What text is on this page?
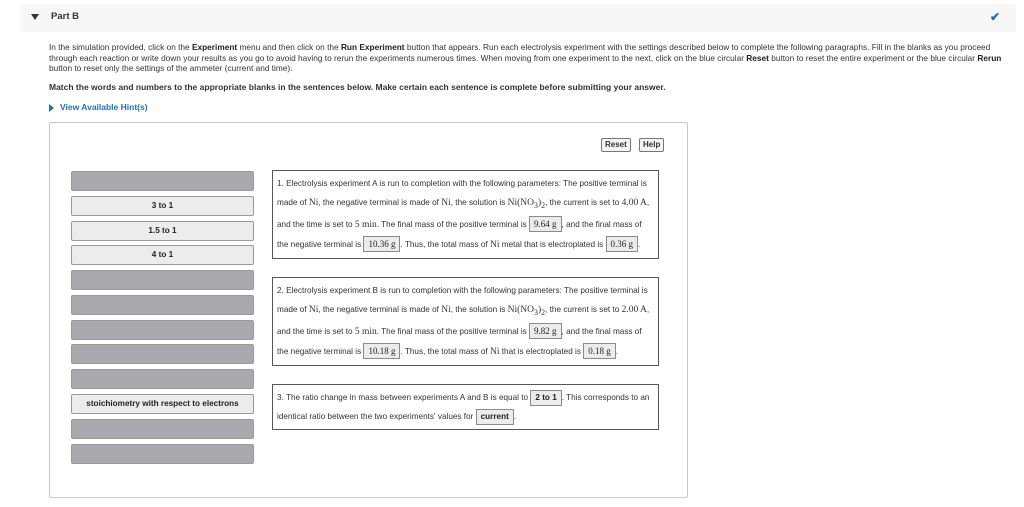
Part B	✔
In the simulation provided, click on the Experiment menu and then click on the Run Experiment button that appears. Run each electrolysis experiment with the settings described below to complete the following paragraphs. Fill in the blanks as you proceed through each reaction or write down your results as you go to avoid having to rerun the experiments numerous times. When moving from one experiment to the next, click on the blue circular Reset button to reset the entire experiment or the blue circular Rerun button to reset only the settings of the ammeter (current and time).
Match the words and numbers to the appropriate blanks in the sentences below. Make certain each sentence is complete before submitting your answer.
View Available Hint(s)
Reset	Help
3 to 1
1.5 to 1
4 to 1
stoichiometry with respect to electrons
1. Electrolysis experiment A is run to completion with the following parameters: The positive terminal is made of Ni, the negative terminal is made of Ni, the solution is $Ni(NO_3)_2$, the current is set to 4.00 A, and the time is set to 5 min. The final mass of the positive terminal is 9.64 g , and the final mass of the negative terminal is 10.36 g . Thus, the total mass of Ni metal that is electroplated is 0.36 g .
2. Electrolysis experiment B is run to completion with the following parameters: The positive terminal is made of Ni, the negative terminal is made of Ni, the solution is $Ni(NO_3)_2$, the current is set to 2.00 A, and the time is set to 5 min. The final mass of the positive terminal is 9.82 g , and the final mass of the negative terminal is 10.18 g . Thus, the total mass of Ni that is electroplated is 0.18 g .
3. The ratio change in mass between experiments A and B is equal to 2 to 1 . This corresponds to an identical ratio between the two experiments' values for current .
